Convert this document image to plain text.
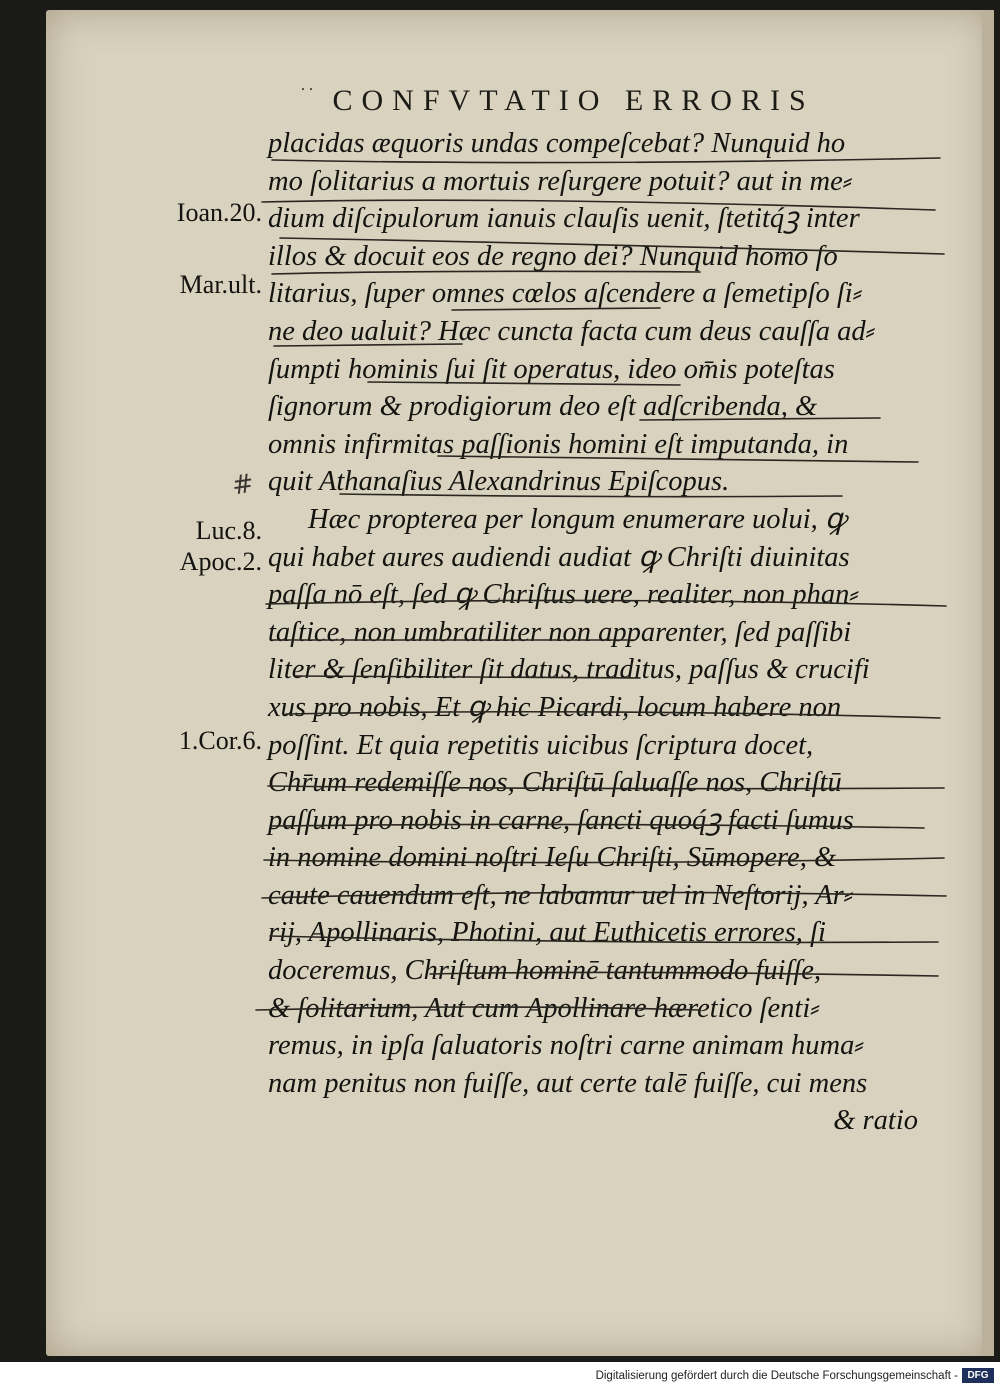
˙˙ CONFVTATIO ERRORIS
placidas æquoris undas compeſcebat? Nunquid ho
mo ſolitarius a mortuis reſurgere potuit? aut in me⸗
dium diſcipulorum ianuis clauſis uenit, ſtetitq́ꝫ inter
illos & docuit eos de regno dei? Nunquid homo ſo
litarius, ſuper omnes cœlos aſcendere a ſemetipſo ſi⸗
ne deo ualuit? Hæc cuncta facta cum deus cauſſa ad⸗
ſumpti hominis ſui ſit operatus, ideo om̄is poteſtas
ſignorum & prodigiorum deo eſt adſcribenda, &
omnis infirmitas paſſionis homini eſt imputanda, in
quit Athanaſius Alexandrinus Epiſcopus.
Hæc propterea per longum enumerare uolui, ꝙ
qui habet aures audiendi audiat ꝙ Chriſti diuinitas
paſſa nō eſt, ſed ꝙ Chriſtus uere, realiter, non phan⸗
taſtice, non umbratiliter non apparenter, ſed paſſibi
liter & ſenſibiliter ſit datus, traditus, paſſus & crucifi
xus pro nobis, Et ꝙ hic Picardi, locum habere non
poſſint. Et quia repetitis uicibus ſcriptura docet,
Chr̄um redemiſſe nos, Chriſtū ſaluaſſe nos, Chriſtū
paſſum pro nobis in carne, ſancti quoq́ꝫ facti ſumus
in nomine domini noſtri Ieſu Chriſti, Sūmopere, &
caute cauendum eſt, ne labamur uel in Neſtorij, Ar⸗
rij, Apollinaris, Photini, aut Euthicetis errores, ſi
doceremus, Chriſtum hominē tantummodo fuiſſe,
& ſolitarium, Aut cum Apollinare hæretico ſenti⸗
remus, in ipſa ſaluatoris noſtri carne animam huma⸗
nam penitus non fuiſſe, aut certe talē fuiſſe, cui mens
& ratio
Ioan.20.
Mar.ult.
Luc.8.
Apoc.2.
1.Cor.6.
#
Digitalisierung gefördert durch die Deutsche Forschungsgemeinschaft - DFG
